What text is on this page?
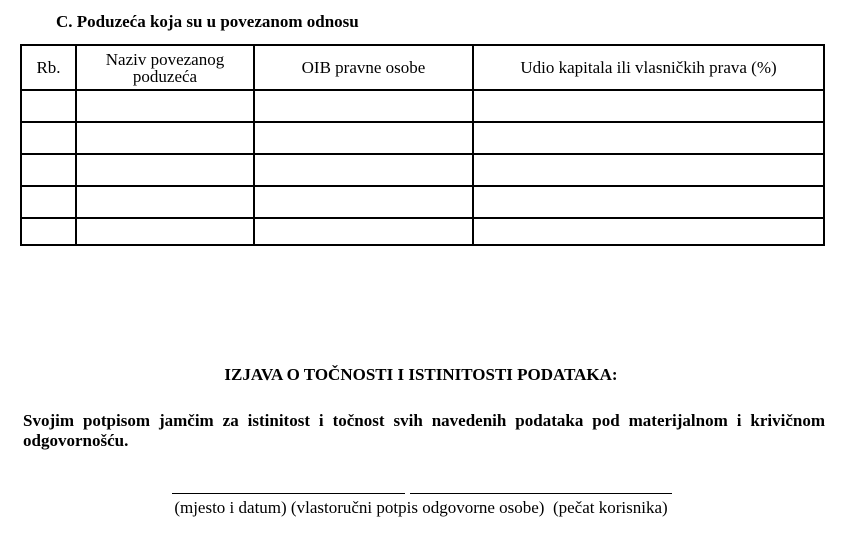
C. Poduzeća koja su u povezanom odnosu
Rb.	Naziv povezanog poduzeća	OIB pravne osobe	Udio kapitala ili vlasničkih prava (%)

IZJAVA O TOČNOSTI I ISTINITOSTI PODATAKA:
Svojim potpisom jamčim za istinitost i točnost svih navedenih podataka pod materijalnom i krivičnom odgovornošću.
(mjesto i datum) (vlastoručni potpis odgovorne osobe)  (pečat korisnika)
